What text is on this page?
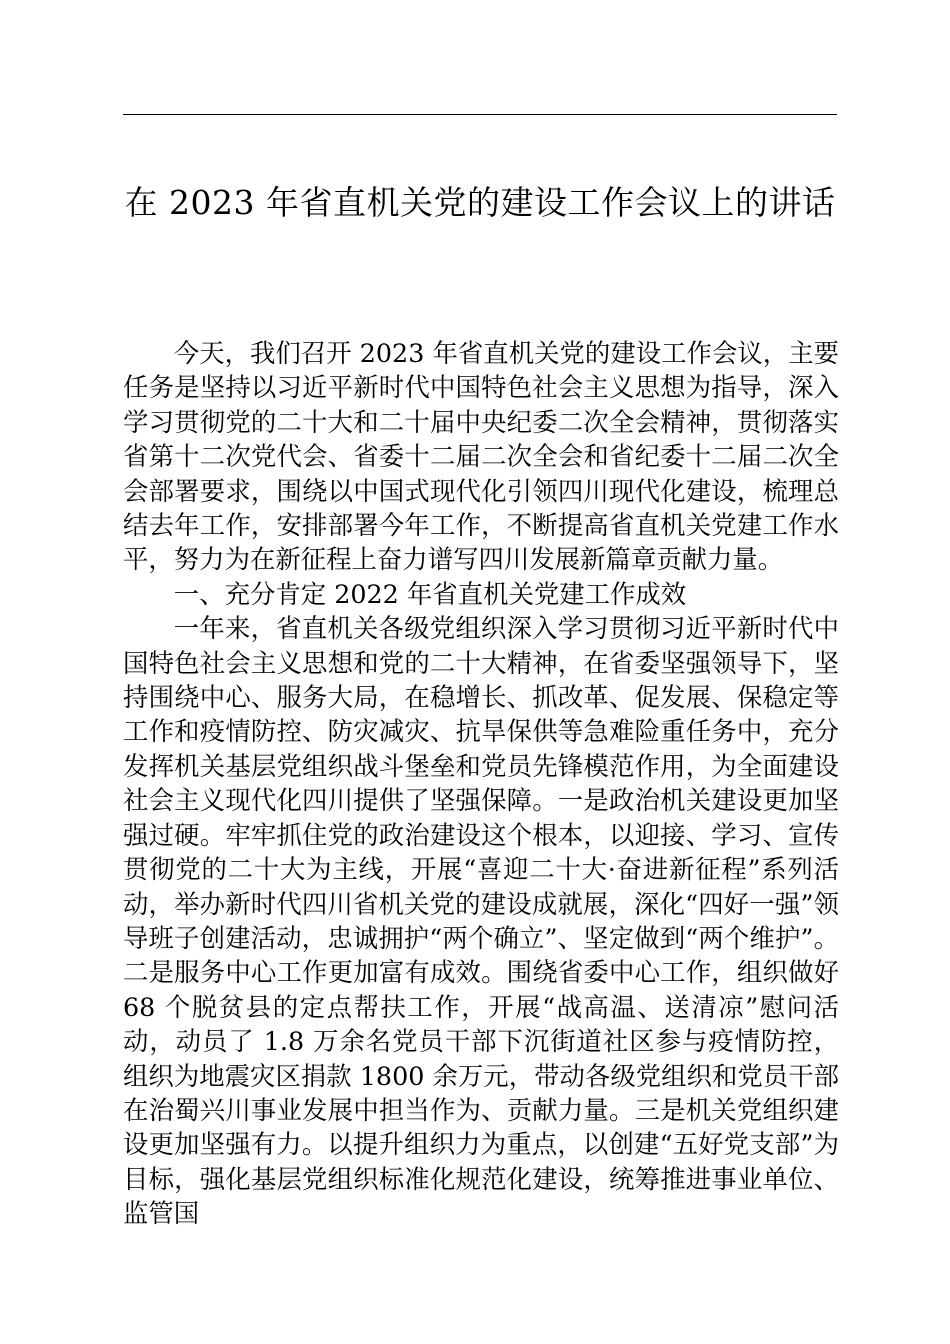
在 2023 年省直机关党的建设工作会议上的讲话

今天，我们召开 2023 年省直机关党的建设工作会议，主要任务是坚持以习近平新时代中国特色社会主义思想为指导，深入学习贯彻党的二十大和二十届中央纪委二次全会精神，贯彻落实省第十二次党代会、省委十二届二次全会和省纪委十二届二次全会部署要求，围绕以中国式现代化引领四川现代化建设，梳理总结去年工作，安排部署今年工作，不断提高省直机关党建工作水平，努力为在新征程上奋力谱写四川发展新篇章贡献力量。

一、充分肯定 2022 年省直机关党建工作成效

一年来，省直机关各级党组织深入学习贯彻习近平新时代中国特色社会主义思想和党的二十大精神，在省委坚强领导下，坚持围绕中心、服务大局，在稳增长、抓改革、促发展、保稳定等工作和疫情防控、防灾减灾、抗旱保供等急难险重任务中，充分发挥机关基层党组织战斗堡垒和党员先锋模范作用，为全面建设社会主义现代化四川提供了坚强保障。一是政治机关建设更加坚强过硬。牢牢抓住党的政治建设这个根本，以迎接、学习、宣传贯彻党的二十大为主线，开展“喜迎二十大·奋进新征程”系列活动，举办新时代四川省机关党的建设成就展，深化“四好一强”领导班子创建活动，忠诚拥护“两个确立”、坚定做到“两个维护”。二是服务中心工作更加富有成效。围绕省委中心工作，组织做好 68 个脱贫县的定点帮扶工作，开展“战高温、送清凉”慰问活动，动员了 1.8 万余名党员干部下沉街道社区参与疫情防控，组织为地震灾区捐款 1800 余万元，带动各级党组织和党员干部在治蜀兴川事业发展中担当作为、贡献力量。三是机关党组织建设更加坚强有力。以提升组织力为重点，以创建“五好党支部”为目标，强化基层党组织标准化规范化建设，统筹推进事业单位、监管国
